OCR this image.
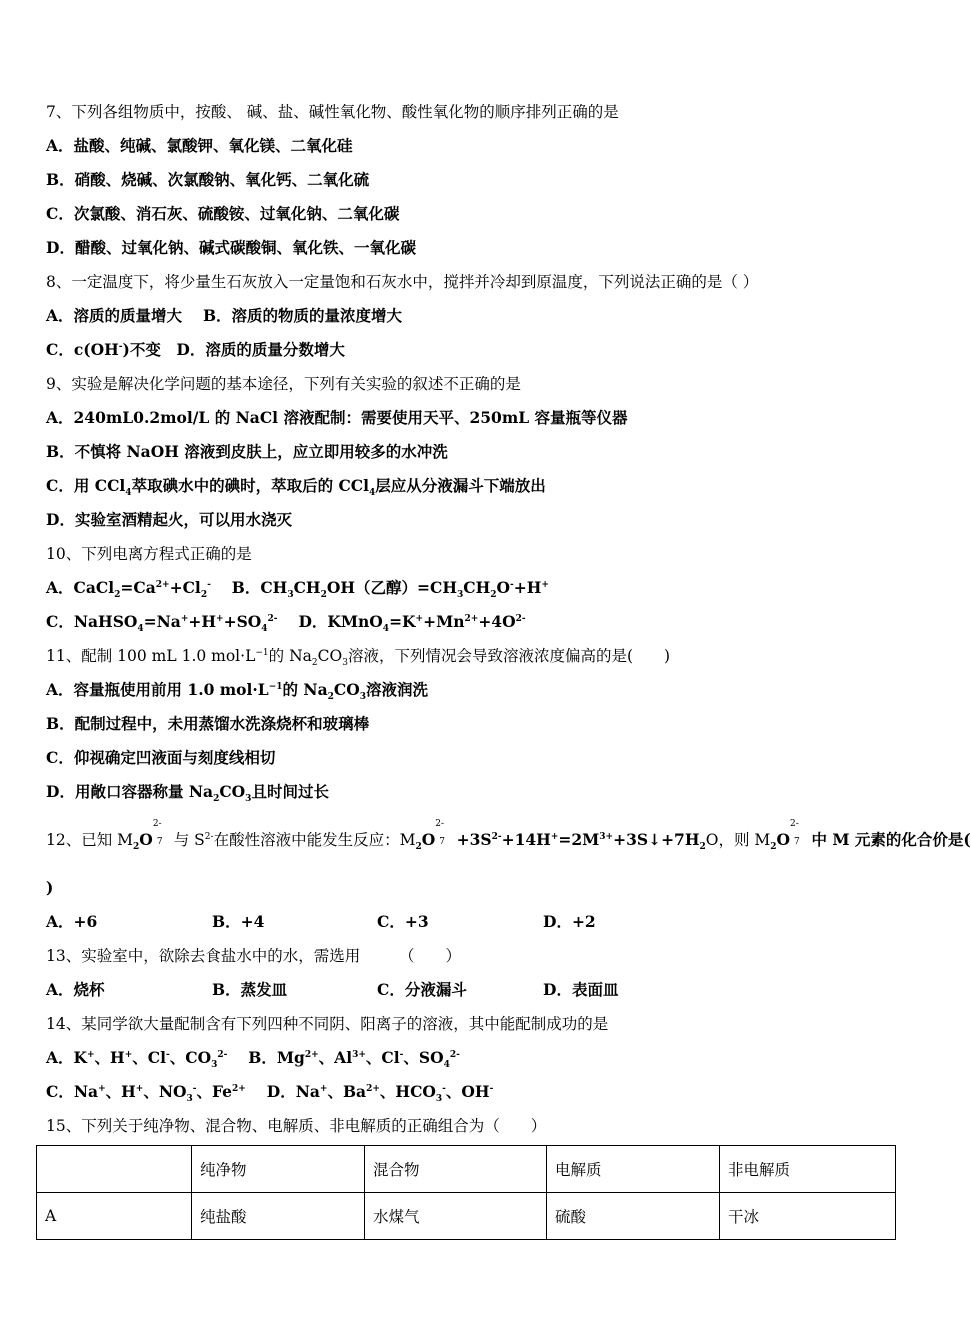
7、下列各组物质中，按酸、 碱、盐、碱性氧化物、酸性氧化物的顺序排列正确的是
A．盐酸、纯碱、氯酸钾、氧化镁、二氧化硅
B．硝酸、烧碱、次氯酸钠、氧化钙、二氧化硫
C．次氯酸、消石灰、硫酸铵、过氧化钠、二氧化碳
D．醋酸、过氧化钠、碱式碳酸铜、氧化铁、一氧化碳
8、一定温度下，将少量生石灰放入一定量饱和石灰水中，搅拌并冷却到原温度，下列说法正确的是（ ）
A．溶质的质量增大　 B．溶质的物质的量浓度增大
C．c(OH-)不变　 D．溶质的质量分数增大
9、实验是解决化学问题的基本途径，下列有关实验的叙述不正确的是
A．240mL0.2mol/L 的 NaCl 溶液配制：需要使用天平、250mL 容量瓶等仪器
B．不慎将 NaOH 溶液到皮肤上，应立即用较多的水冲洗
C．用 CCl$_4$萃取碘水中的碘时，萃取后的 CCl$_4$层应从分液漏斗下端放出
D．实验室酒精起火，可以用水浇灭
10、下列电离方程式正确的是
A．$CaCl_2=Ca^{2+}+Cl_2^-$　 B．$CH_3CH_2OH$（乙醇）$=CH_3CH_2O^-+H^+$
C．$NaHSO_4=Na^++H^++SO_4^{2-}$　 D．$KMnO_4=K^++Mn^{2+}+4O^{2-}$
11、配制 100 mL 1.0 $mol\cdot L^{-1}$的 $Na_2CO_3$溶液，下列情况会导致溶液浓度偏高的是(　　)
A．容量瓶使用前用 1.0 $mol\cdot L^{-1}$的 $Na_2CO_3$溶液润洗
B．配制过程中，未用蒸馏水洗涤烧杯和玻璃棒
C．仰视确定凹液面与刻度线相切
D．用敞口容器称量 $Na_2CO_3$且时间过长
12、已知 $M_2O$
2-
7 与 $S^{2-}$在酸性溶液中能发生反应：$M_2O$
2-
$7 +3S^{2-}+14H^+=2M^{3+}+3S↓+7H_2O$，则 $M_2O$
2-
7 中 M 元素的化合价是(
)
A．+6	B．+4	C．+3	D．+2
13、实验室中，欲除去食盐水中的水，需选用　　　（　　）
A．烧杯	B．蒸发皿	C．分液漏斗	D．表面皿
14、某同学欲大量配制含有下列四种不同阴、阳离子的溶液，其中能配制成功的是
A．K+、H+、Cl-、$CO_3^{2-}$　 B．$Mg^{2+}$、$Al^{3+}$、Cl-、$SO_4^{2-}$
C．Na+、H+、$NO_3^-$、$Fe^{2+}$　 D．Na+、$Ba^{2+}$、$HCO_3^-$、OH-
15、下列关于纯净物、混合物、电解质、非电解质的正确组合为（　　）
	纯净物	混合物	电解质	非电解质
A	纯盐酸	水煤气	硫酸	干冰
